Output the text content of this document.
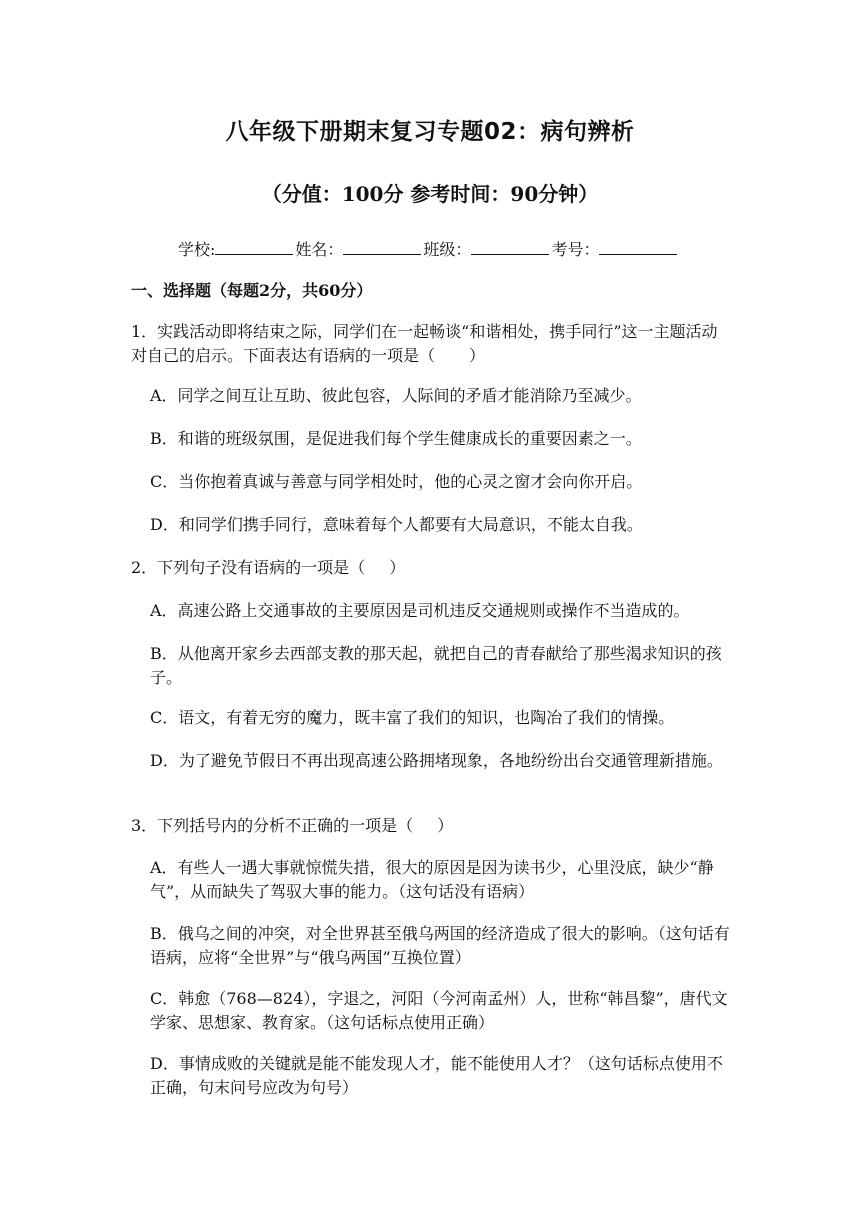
八年级下册期末复习专题02：病句辨析
（分值：100分 参考时间：90分钟）
学校:	姓名：	班级：	考号：
一、选择题（每题2分，共60分）
1．实践活动即将结束之际，同学们在一起畅谈“和谐相处，携手同行”这一主题活动对自己的启示。下面表达有语病的一项是（ ）
A．同学之间互让互助、彼此包容，人际间的矛盾才能消除乃至减少。
B．和谐的班级氛围，是促进我们每个学生健康成长的重要因素之一。
C．当你抱着真诚与善意与同学相处时，他的心灵之窗才会向你开启。
D．和同学们携手同行，意味着每个人都要有大局意识，不能太自我。
2．下列句子没有语病的一项是（ ）
A．高速公路上交通事故的主要原因是司机违反交通规则或操作不当造成的。
B．从他离开家乡去西部支教的那天起，就把自己的青春献给了那些渴求知识的孩子。
C．语文，有着无穷的魔力，既丰富了我们的知识，也陶冶了我们的情操。
D．为了避免节假日不再出现高速公路拥堵现象，各地纷纷出台交通管理新措施。
3．下列括号内的分析不正确的一项是（ ）
A．有些人一遇大事就惊慌失措，很大的原因是因为读书少，心里没底，缺少“静气”，从而缺失了驾驭大事的能力。（这句话没有语病）
B．俄乌之间的冲突，对全世界甚至俄乌两国的经济造成了很大的影响。（这句话有语病，应将“全世界”与“俄乌两国”互换位置）
C．韩愈（768—824），字退之，河阳（今河南孟州）人，世称“韩昌黎”，唐代文学家、思想家、教育家。（这句话标点使用正确）
D．事情成败的关键就是能不能发现人才，能不能使用人才？（这句话标点使用不正确，句末问号应改为句号）
